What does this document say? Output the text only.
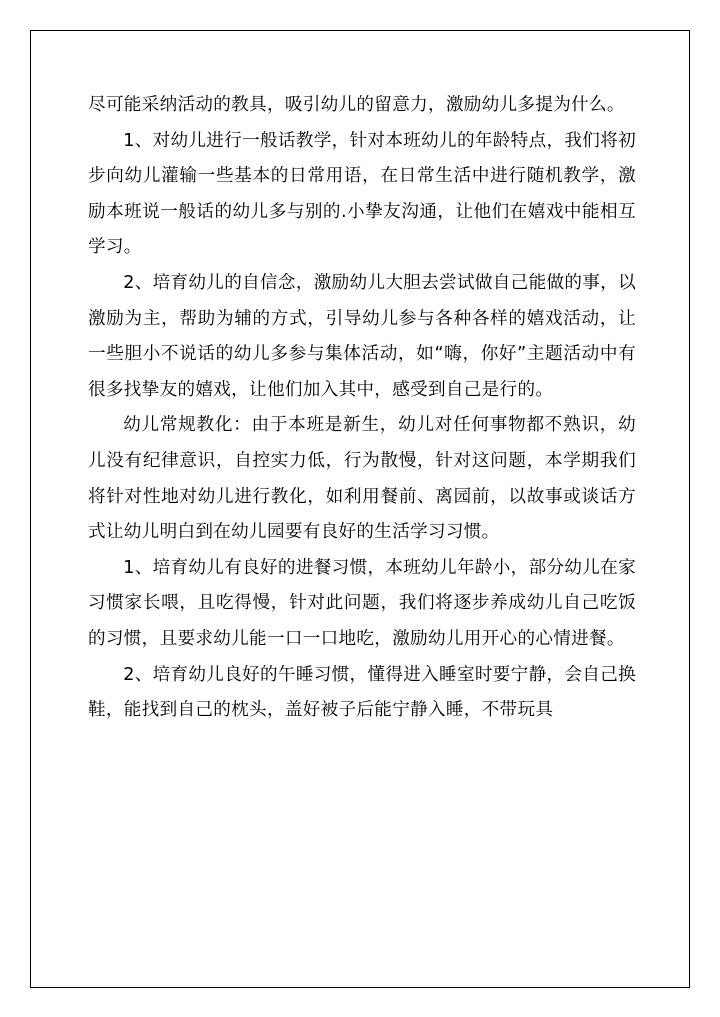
尽可能采纳活动的教具，吸引幼儿的留意力，激励幼儿多提为什么。

1、对幼儿进行一般话教学，针对本班幼儿的年龄特点，我们将初步向幼儿灌输一些基本的日常用语，在日常生活中进行随机教学，激励本班说一般话的幼儿多与别的.小挚友沟通，让他们在嬉戏中能相互学习。

2、培育幼儿的自信念，激励幼儿大胆去尝试做自己能做的事，以激励为主，帮助为辅的方式，引导幼儿参与各种各样的嬉戏活动，让一些胆小不说话的幼儿多参与集体活动，如“嗨，你好”主题活动中有很多找挚友的嬉戏，让他们加入其中，感受到自己是行的。

幼儿常规教化：由于本班是新生，幼儿对任何事物都不熟识，幼儿没有纪律意识，自控实力低，行为散慢，针对这问题，本学期我们将针对性地对幼儿进行教化，如利用餐前、离园前，以故事或谈话方式让幼儿明白到在幼儿园要有良好的生活学习习惯。

1、培育幼儿有良好的进餐习惯，本班幼儿年龄小，部分幼儿在家习惯家长喂，且吃得慢，针对此问题，我们将逐步养成幼儿自己吃饭的习惯，且要求幼儿能一口一口地吃，激励幼儿用开心的心情进餐。

2、培育幼儿良好的午睡习惯，懂得进入睡室时要宁静，会自己换鞋，能找到自己的枕头，盖好被子后能宁静入睡，不带玩具
